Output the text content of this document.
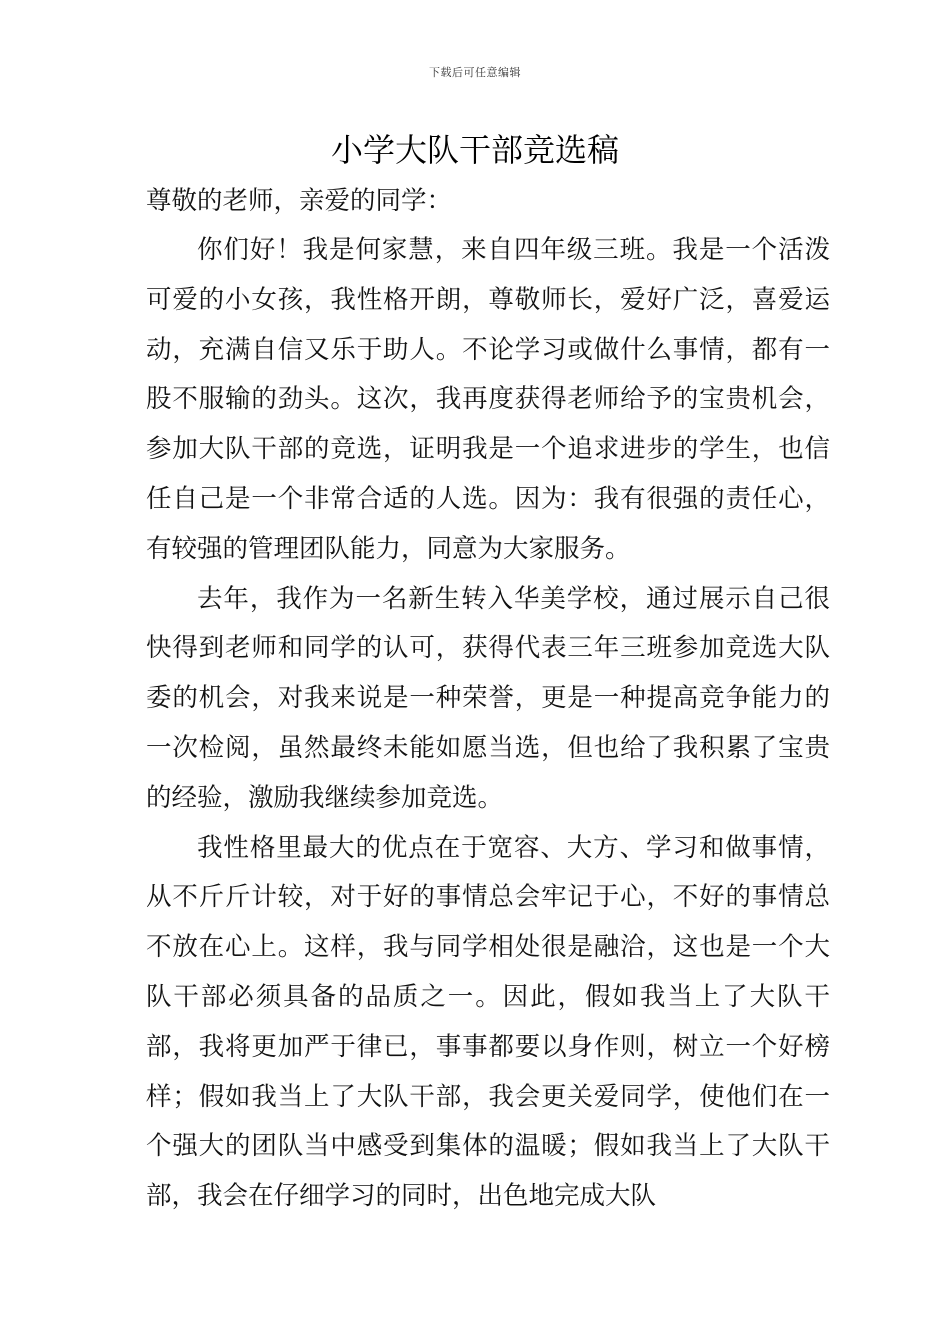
下载后可任意编辑
小学大队干部竞选稿

尊敬的老师，亲爱的同学：

你们好！我是何家慧，来自四年级三班。我是一个活泼可爱的小女孩，我性格开朗，尊敬师长，爱好广泛，喜爱运动，充满自信又乐于助人。不论学习或做什么事情，都有一股不服输的劲头。这次，我再度获得老师给予的宝贵机会，参加大队干部的竞选，证明我是一个追求进步的学生，也信任自己是一个非常合适的人选。因为：我有很强的责任心，有较强的管理团队能力，同意为大家服务。

去年，我作为一名新生转入华美学校，通过展示自己很快得到老师和同学的认可，获得代表三年三班参加竞选大队委的机会，对我来说是一种荣誉，更是一种提高竞争能力的一次检阅，虽然最终未能如愿当选，但也给了我积累了宝贵的经验，激励我继续参加竞选。

我性格里最大的优点在于宽容、大方、学习和做事情，从不斤斤计较，对于好的事情总会牢记于心，不好的事情总不放在心上。这样，我与同学相处很是融洽，这也是一个大队干部必须具备的品质之一。因此，假如我当上了大队干部，我将更加严于律已，事事都要以身作则，树立一个好榜样；假如我当上了大队干部，我会更关爱同学，使他们在一个强大的团队当中感受到集体的温暖；假如我当上了大队干部，我会在仔细学习的同时，出色地完成大队
